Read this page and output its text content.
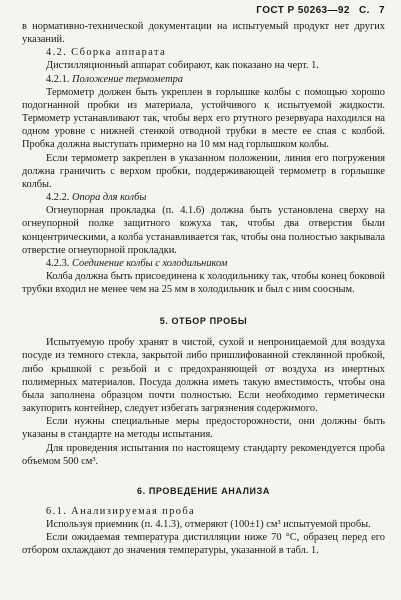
ГОСТ Р 50263—92 С. 7

в нормативно-технической документации на испытуемый продукт нет других указаний.

4.2. Сборка аппарата

Дистилляционный аппарат собирают, как показано на черт. 1.

4.2.1. Положение термометра

Термометр должен быть укреплен в горлышке колбы с помощью хорошо подогнанной пробки из материала, устойчивого к испытуемой жидкости. Термометр устанавливают так, чтобы верх его ртутного резервуара находился на одном уровне с нижней стенкой отводной трубки в месте ее спая с колбой. Пробка должна выступать примерно на 10 мм над горлышком колбы.

Если термометр закреплен в указанном положении, линия его погружения должна граничить с верхом пробки, поддерживающей термометр в горлышке колбы.

4.2.2. Опора для колбы

Огнеупорная прокладка (п. 4.1.6) должна быть установлена сверху на огнеупорной полке защитного кожуха так, чтобы два отверстия были концентрическими, а колба устанавливается так, чтобы она полностью закрывала отверстие огнеупорной прокладки.

4.2.3. Соединение колбы с холодильником

Колба должна быть присоединена к холодильнику так, чтобы конец боковой трубки входил не менее чем на 25 мм в холодильник и был с ним соосным.

5. ОТБОР ПРОБЫ

Испытуемую пробу хранят в чистой, сухой и непроницаемой для воздуха посуде из темного стекла, закрытой либо пришлифованной стеклянной пробкой, либо крышкой с резьбой и с предохраняющей от воздуха из инертных полимерных материалов. Посуда должна иметь такую вместимость, чтобы она была заполнена образцом почти полностью. Если необходимо герметически закупорить контейнер, следует избегать загрязнения содержимого.

Если нужны специальные меры предосторожности, они должны быть указаны в стандарте на методы испытания.

Для проведения испытания по настоящему стандарту рекомендуется проба объемом 500 см³.

6. ПРОВЕДЕНИЕ АНАЛИЗА

6.1. Анализируемая проба

Используя приемник (п. 4.1.3), отмеряют (100±1) см³ испытуемой пробы.

Если ожидаемая температура дистилляции ниже 70 °С, образец перед его отбором охлаждают до значения температуры, указанной в табл. 1.
